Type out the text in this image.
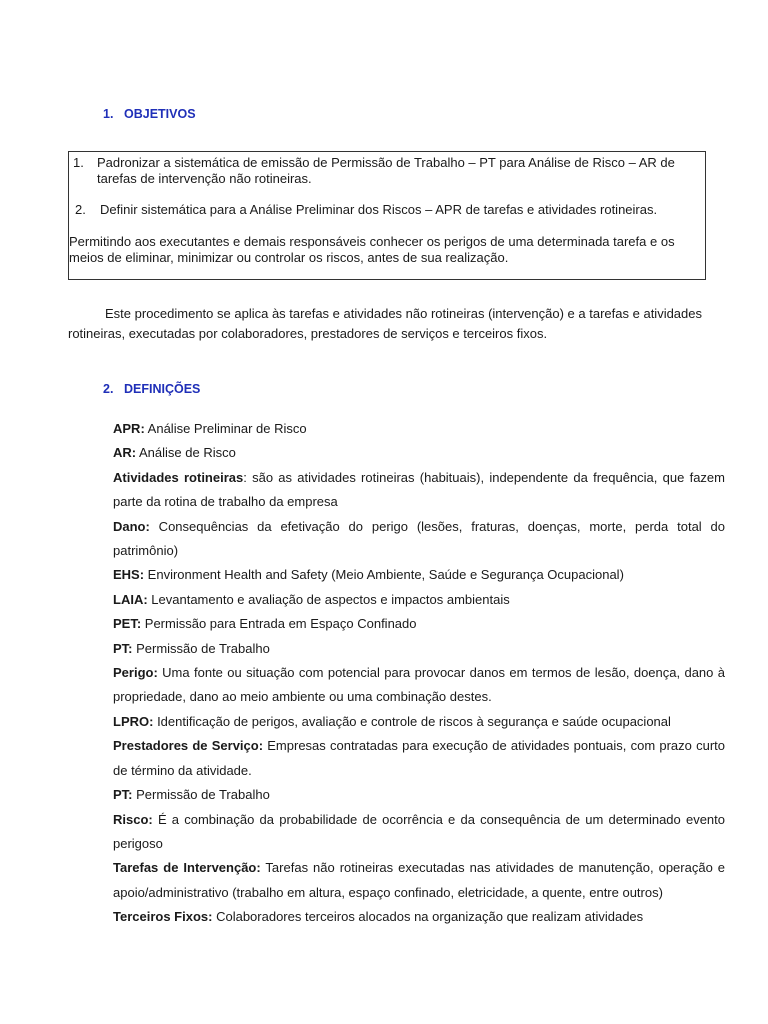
1. OBJETIVOS

1.	Padronizar a sistemática de emissão de Permissão de Trabalho – PT para Análise de Risco – AR de tarefas de intervenção não rotineiras.

2.	Definir sistemática para a Análise Preliminar dos Riscos – APR de tarefas e atividades rotineiras.

Permitindo aos executantes e demais responsáveis conhecer os perigos de uma determinada tarefa e os meios de eliminar, minimizar ou controlar os riscos, antes de sua realização.

Este procedimento se aplica às tarefas e atividades não rotineiras (intervenção) e a tarefas e atividades rotineiras, executadas por colaboradores, prestadores de serviços e terceiros fixos.

2. DEFINIÇÕES
APR: Análise Preliminar de Risco
AR: Análise de Risco
Atividades rotineiras: são as atividades rotineiras (habituais), independente da frequência, que fazem parte da rotina de trabalho da empresa
Dano: Consequências da efetivação do perigo (lesões, fraturas, doenças, morte, perda total do patrimônio)
EHS: Environment Health and Safety (Meio Ambiente, Saúde e Segurança Ocupacional)
LAIA: Levantamento e avaliação de aspectos e impactos ambientais
PET: Permissão para Entrada em Espaço Confinado
PT: Permissão de Trabalho
Perigo: Uma fonte ou situação com potencial para provocar danos em termos de lesão, doença, dano à propriedade, dano ao meio ambiente ou uma combinação destes.
LPRO: Identificação de perigos, avaliação e controle de riscos à segurança e saúde ocupacional
Prestadores de Serviço: Empresas contratadas para execução de atividades pontuais, com prazo curto de término da atividade.
PT: Permissão de Trabalho
Risco: É a combinação da probabilidade de ocorrência e da consequência de um determinado evento perigoso
Tarefas de Intervenção: Tarefas não rotineiras executadas nas atividades de manutenção, operação e apoio/administrativo (trabalho em altura, espaço confinado, eletricidade, a quente, entre outros)
Terceiros Fixos: Colaboradores terceiros alocados na organização que realizam atividades
